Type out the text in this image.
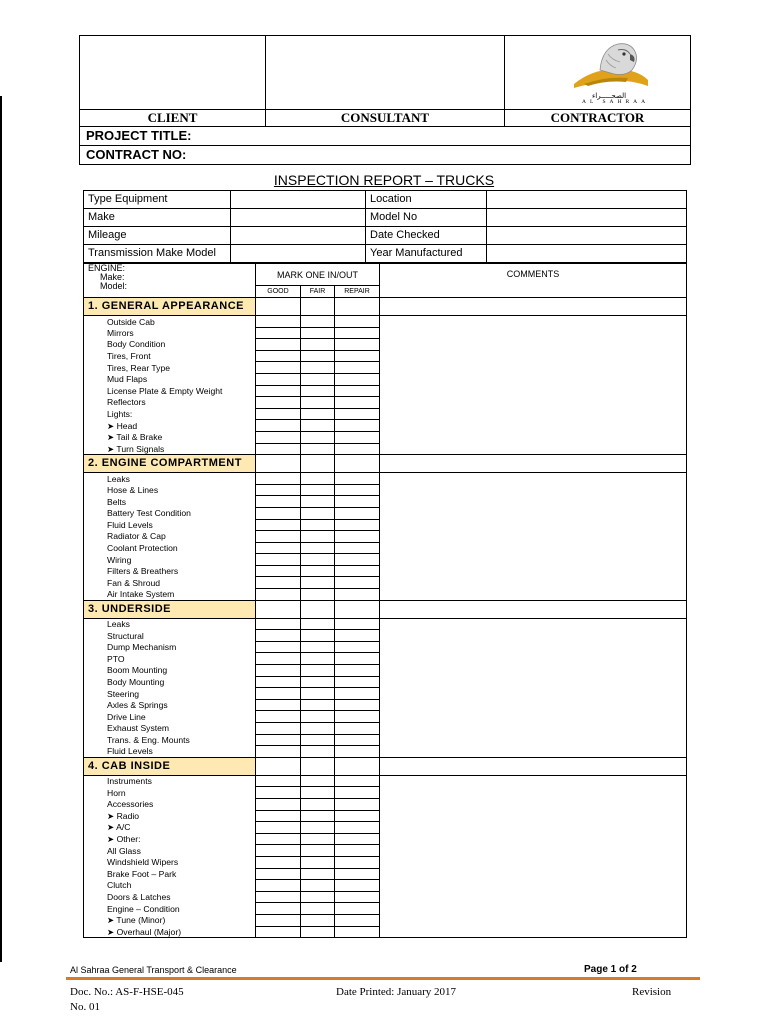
		الصحـــــراء
AL SAHRAA

CLIENT	CONSULTANT	CONTRACTOR
PROJECT TITLE:		
CONTRACT NO:		
INSPECTION REPORT – TRUCKS
Type Equipment		Location	
Make		Model No	
Mileage		Date Checked	
Transmission Make Model		Year Manufactured	
ENGINE:
Make:
Model:	MARK ONE IN/OUT			COMMENTS
	GOOD	FAIR	REPAIR	
1. GENERAL APPEARANCE				
Outside Cab				
Mirrors				
Body Condition				
Tires, Front				
Tires, Rear Type				
Mud Flaps				
License Plate & Empty Weight				
Reflectors				
Lights:				
➤ Head				
➤ Tail & Brake				
➤ Turn Signals				
2. ENGINE COMPARTMENT				
Leaks				
Hose & Lines				
Belts				
Battery Test Condition				
Fluid Levels				
Radiator & Cap				
Coolant Protection				
Wiring				
Filters & Breathers				
Fan & Shroud				
Air Intake System				
3. UNDERSIDE				
Leaks				
Structural				
Dump Mechanism				
PTO				
Boom Mounting				
Body Mounting				
Steering				
Axles & Springs				
Drive Line				
Exhaust System				
Trans. & Eng. Mounts				
Fluid Levels				
4. CAB INSIDE				
Instruments				
Horn				
Accessories				
➤ Radio				
➤ A/C				
➤ Other:				
All Glass				
Windshield Wipers				
Brake Foot – Park				
Clutch				
Doors & Latches				
Engine – Condition				
➤ Tune (Minor)				
➤ Overhaul (Major)				
Al Sahraa General Transport & Clearance	Page 1 of 2
Doc. No.: AS-F-HSE-045	Date Printed: January 2017	Revision
No. 01
